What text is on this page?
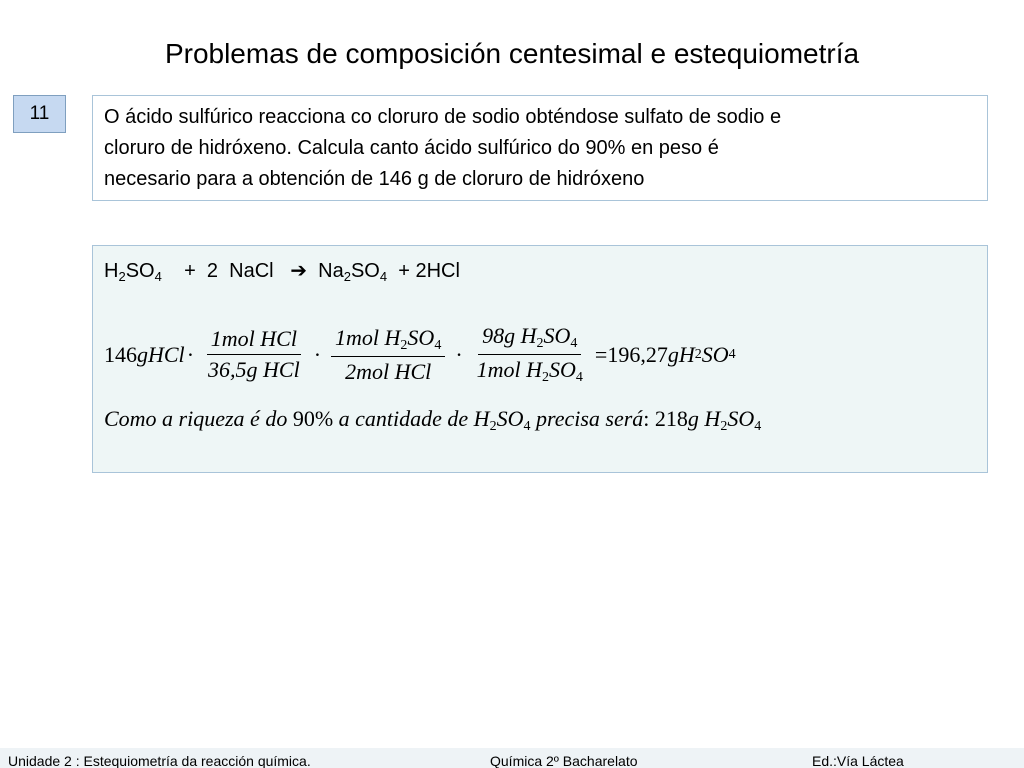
Problemas de composición centesimal e estequiometría
11	O ácido sulfúrico reacciona co cloruro de sodio obténdose sulfato de sodio e
cloruro de hidróxeno. Calcula canto ácido sulfúrico do 90% en peso é
necesario para a obtención de 146 g de cloruro de hidróxeno
$H_2SO_4 + 2$ NaCl ➔ $Na_2SO_4 + 2HCl$
146 gHCl · $\frac{\text{1mol HCl}}{\text{36,5g HCl}} \cdot \frac{1mol H_2SO_4}{\text{2mol HCl}} \cdot \frac{98g H_2SO_4}{1mol H_2SO_4} =196,27$ gH 2 SO 4
Como a riqueza é do 90% a cantidade de $H_2SO_4$ precisa será: 218g $H_2SO_4$
Unidade 2 : Estequiometría da reacción química.	Química 2º Bacharelato	Ed.:Vía Láctea
